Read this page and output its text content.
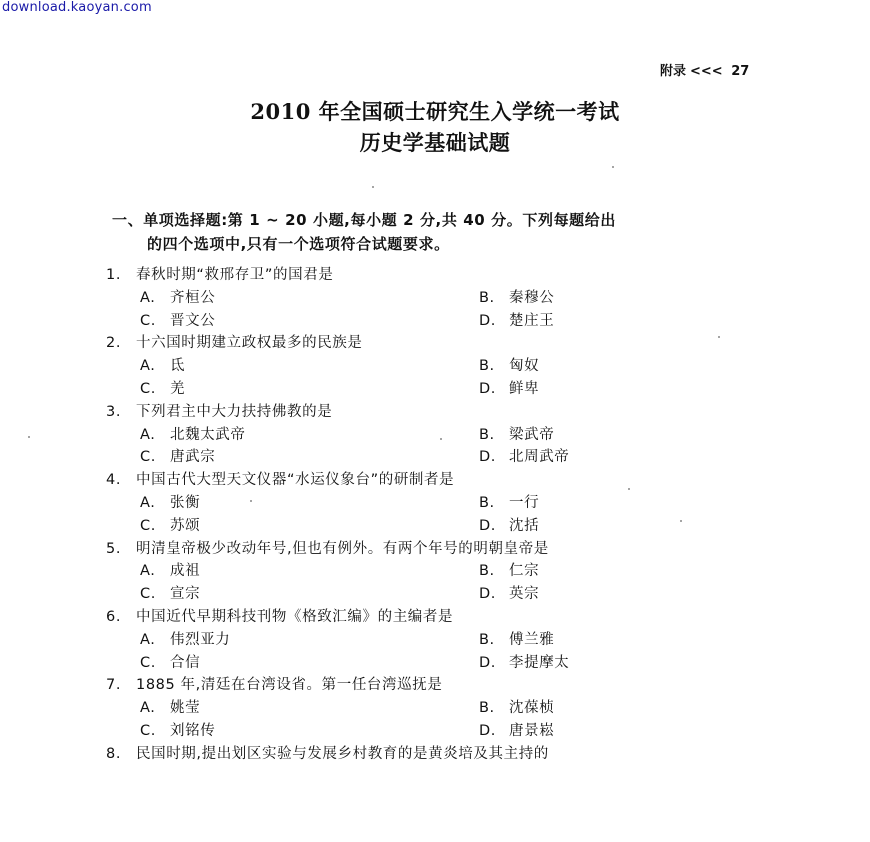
download.kaoyan.com
附录 <<< 27
2010 年全国硕士研究生入学统一考试
历史学基础试题
一、单项选择题:第 1 ~ 20 小题,每小题 2 分,共 40 分。下列每题给出
的四个选项中,只有一个选项符合试题要求。
1. 春秋时期“救邢存卫”的国君是
A. 齐桓公	B. 秦穆公
C. 晋文公	D. 楚庄王
2. 十六国时期建立政权最多的民族是
A. 氐	B. 匈奴
C. 羌	D. 鲜卑
3. 下列君主中大力扶持佛教的是
A. 北魏太武帝	B. 梁武帝
C. 唐武宗	D. 北周武帝
4. 中国古代大型天文仪器“水运仪象台”的研制者是
A. 张衡	B. 一行
C. 苏颂	D. 沈括
5. 明清皇帝极少改动年号,但也有例外。有两个年号的明朝皇帝是
A. 成祖	B. 仁宗
C. 宣宗	D. 英宗
6. 中国近代早期科技刊物《格致汇编》的主编者是
A. 伟烈亚力	B. 傅兰雅
C. 合信	D. 李提摩太
7. 1885 年,清廷在台湾设省。第一任台湾巡抚是
A. 姚莹	B. 沈葆桢
C. 刘铭传	D. 唐景崧
8. 民国时期,提出划区实验与发展乡村教育的是黄炎培及其主持的
